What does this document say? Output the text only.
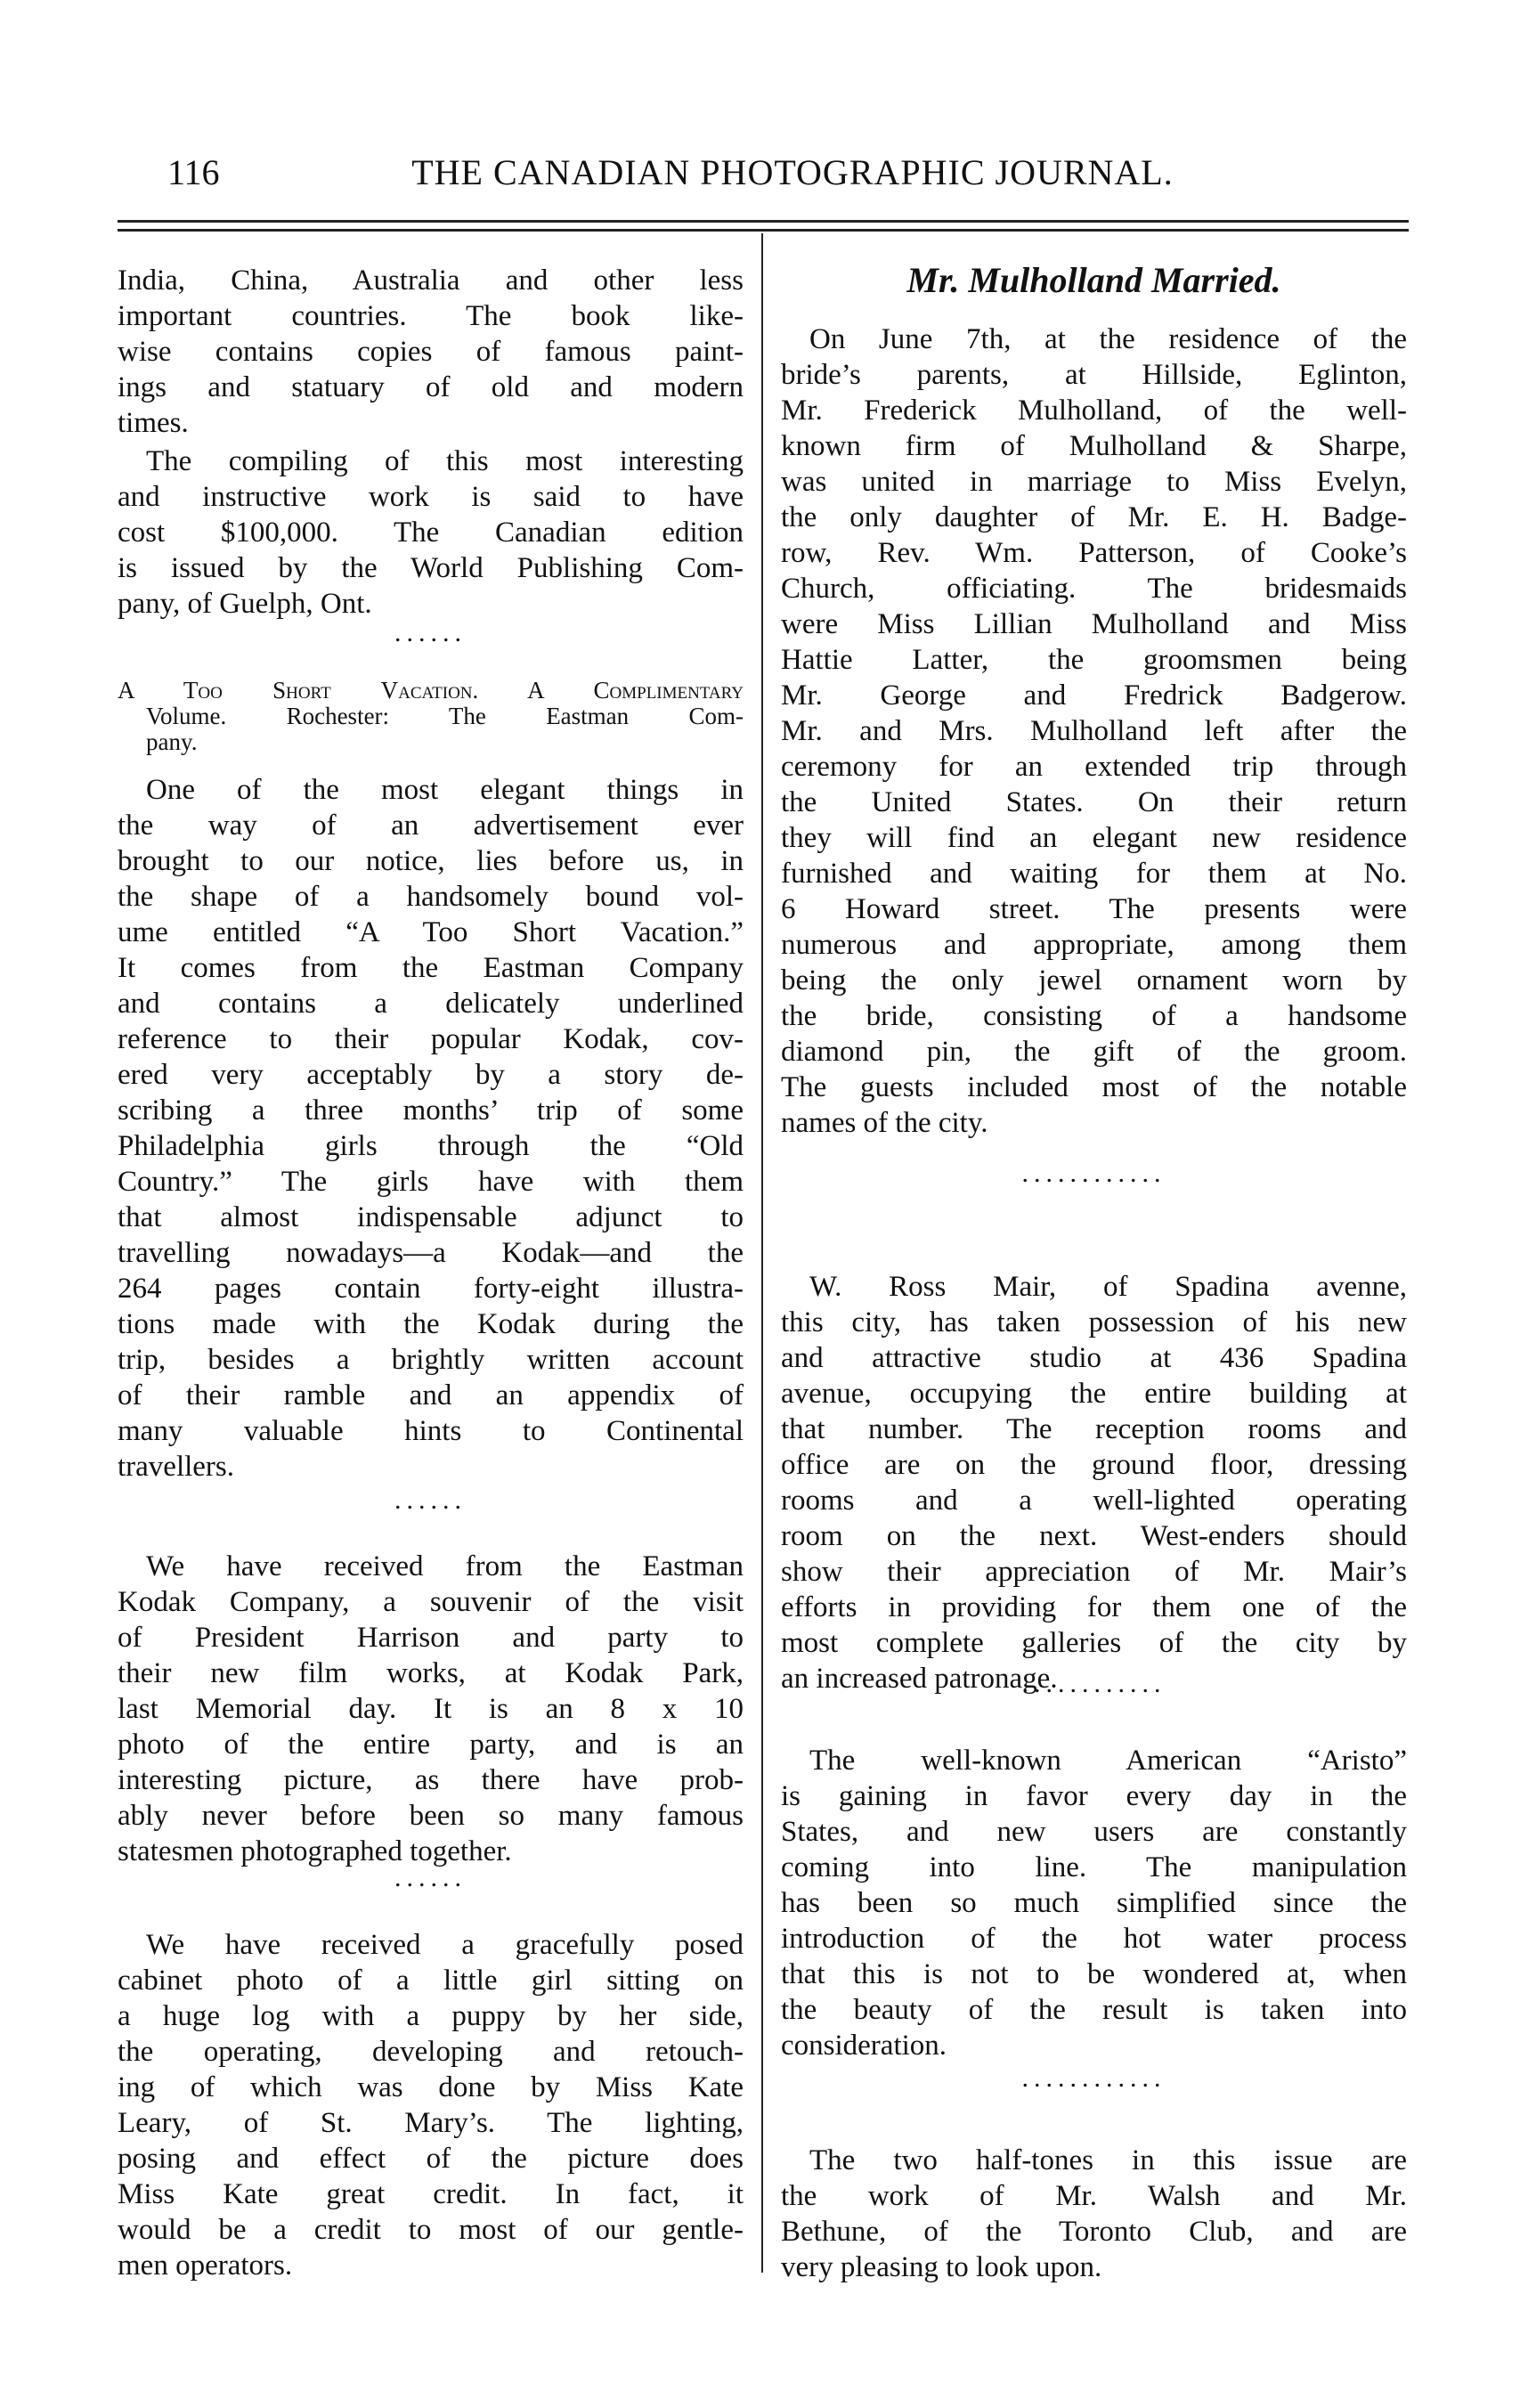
116	THE CANADIAN PHOTOGRAPHIC JOURNAL.
India, China, Australia and other less
important countries. The book like-
wise contains copies of famous paint-
ings and statuary of old and modern
times.
The compiling of this most interesting
and instructive work is said to have
cost $100,000. The Canadian edition
is issued by the World Publishing Com-
pany, of Guelph, Ont.
......
A Too Short Vacation. A Complimentary
Volume. Rochester: The Eastman Com-
pany.
One of the most elegant things in
the way of an advertisement ever
brought to our notice, lies before us, in
the shape of a handsomely bound vol-
ume entitled “A Too Short Vacation.”
It comes from the Eastman Company
and contains a delicately underlined
reference to their popular Kodak, cov-
ered very acceptably by a story de-
scribing a three months’ trip of some
Philadelphia girls through the “Old
Country.” The girls have with them
that almost indispensable adjunct to
travelling nowadays—a Kodak—and the
264 pages contain forty-eight illustra-
tions made with the Kodak during the
trip, besides a brightly written account
of their ramble and an appendix of
many valuable hints to Continental
travellers.
......
We have received from the Eastman
Kodak Company, a souvenir of the visit
of President Harrison and party to
their new film works, at Kodak Park,
last Memorial day. It is an 8 x 10
photo of the entire party, and is an
interesting picture, as there have prob-
ably never before been so many famous
statesmen photographed together.
......
We have received a gracefully posed
cabinet photo of a little girl sitting on
a huge log with a puppy by her side,
the operating, developing and retouch-
ing of which was done by Miss Kate
Leary, of St. Mary’s. The lighting,
posing and effect of the picture does
Miss Kate great credit. In fact, it
would be a credit to most of our gentle-
men operators.
Mr. Mulholland Married.
On June 7th, at the residence of the
bride’s parents, at Hillside, Eglinton,
Mr. Frederick Mulholland, of the well-
known firm of Mulholland & Sharpe,
was united in marriage to Miss Evelyn,
the only daughter of Mr. E. H. Badge-
row, Rev. Wm. Patterson, of Cooke’s
Church, officiating. The bridesmaids
were Miss Lillian Mulholland and Miss
Hattie Latter, the groomsmen being
Mr. George and Fredrick Badgerow.
Mr. and Mrs. Mulholland left after the
ceremony for an extended trip through
the United States. On their return
they will find an elegant new residence
furnished and waiting for them at No.
6 Howard street. The presents were
numerous and appropriate, among them
being the only jewel ornament worn by
the bride, consisting of a handsome
diamond pin, the gift of the groom.
The guests included most of the notable
names of the city.
............
W. Ross Mair, of Spadina avenne,
this city, has taken possession of his new
and attractive studio at 436 Spadina
avenue, occupying the entire building at
that number. The reception rooms and
office are on the ground floor, dressing
rooms and a well-lighted operating
room on the next. West-enders should
show their appreciation of Mr. Mair’s
efforts in providing for them one of the
most complete galleries of the city by
an increased patronage.
............
The well-known American “Aristo”
is gaining in favor every day in the
States, and new users are constantly
coming into line. The manipulation
has been so much simplified since the
introduction of the hot water process
that this is not to be wondered at, when
the beauty of the result is taken into
consideration.
............
The two half-tones in this issue are
the work of Mr. Walsh and Mr.
Bethune, of the Toronto Club, and are
very pleasing to look upon.
